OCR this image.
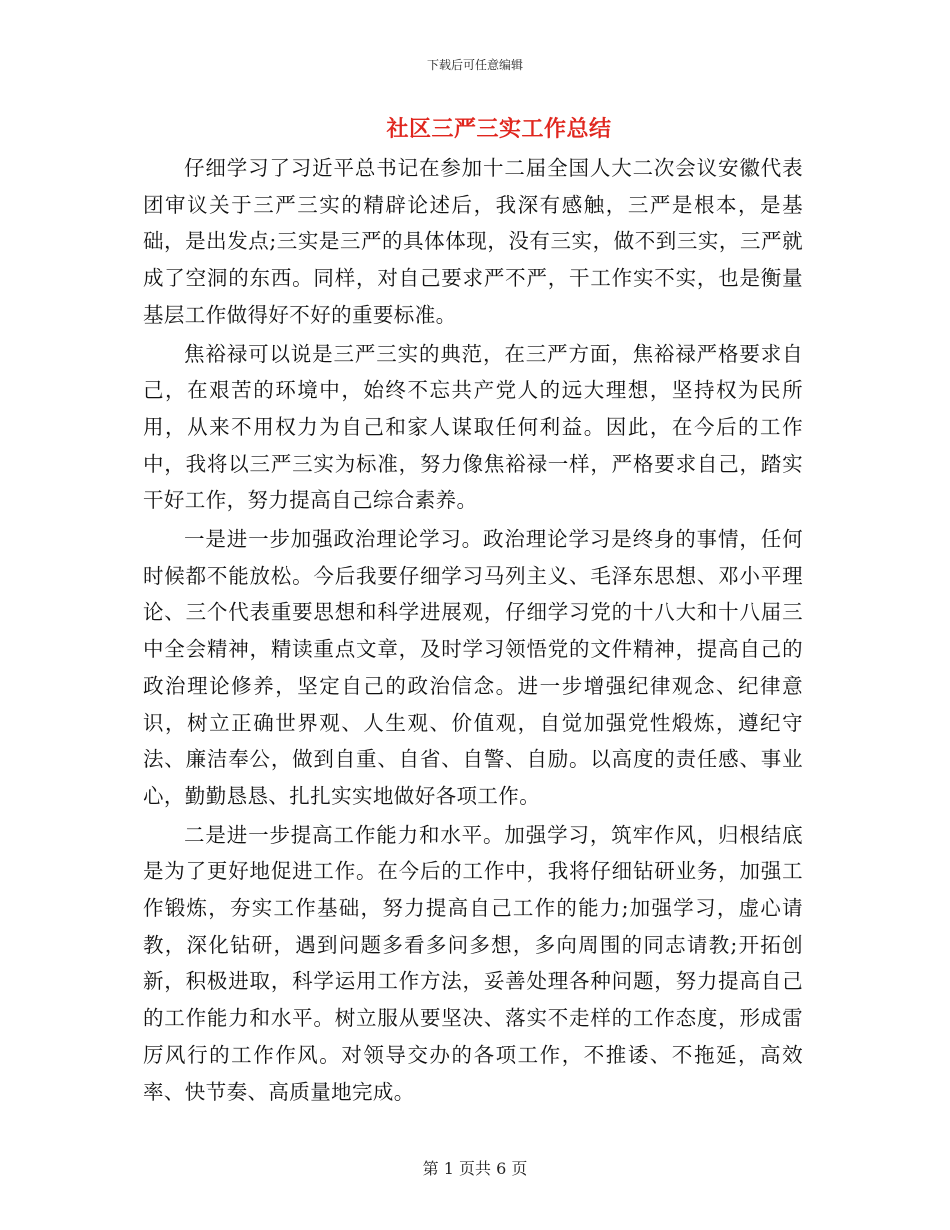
下载后可任意编辑
社区三严三实工作总结

仔细学习了习近平总书记在参加十二届全国人大二次会议安徽代表团审议关于三严三实的精辟论述后，我深有感触，三严是根本，是基础，是出发点;三实是三严的具体体现，没有三实，做不到三实，三严就成了空洞的东西。同样，对自己要求严不严，干工作实不实，也是衡量基层工作做得好不好的重要标准。

焦裕禄可以说是三严三实的典范，在三严方面，焦裕禄严格要求自己，在艰苦的环境中，始终不忘共产党人的远大理想，坚持权为民所用，从来不用权力为自己和家人谋取任何利益。因此，在今后的工作中，我将以三严三实为标准，努力像焦裕禄一样，严格要求自己，踏实干好工作，努力提高自己综合素养。

一是进一步加强政治理论学习。政治理论学习是终身的事情，任何时候都不能放松。今后我要仔细学习马列主义、毛泽东思想、邓小平理论、三个代表重要思想和科学进展观，仔细学习党的十八大和十八届三中全会精神，精读重点文章，及时学习领悟党的文件精神，提高自己的政治理论修养，坚定自己的政治信念。进一步增强纪律观念、纪律意识，树立正确世界观、人生观、价值观，自觉加强党性煅炼，遵纪守法、廉洁奉公，做到自重、自省、自警、自励。以高度的责任感、事业心，勤勤恳恳、扎扎实实地做好各项工作。

二是进一步提高工作能力和水平。加强学习，筑牢作风，归根结底是为了更好地促进工作。在今后的工作中，我将仔细钻研业务，加强工作锻炼，夯实工作基础，努力提高自己工作的能力;加强学习，虚心请教，深化钻研，遇到问题多看多问多想，多向周围的同志请教;开拓创新，积极进取，科学运用工作方法，妥善处理各种问题，努力提高自己的工作能力和水平。树立服从要坚决、落实不走样的工作态度，形成雷厉风行的工作作风。对领导交办的各项工作，不推诿、不拖延，高效率、快节奏、高质量地完成。

第 1 页共 6 页
